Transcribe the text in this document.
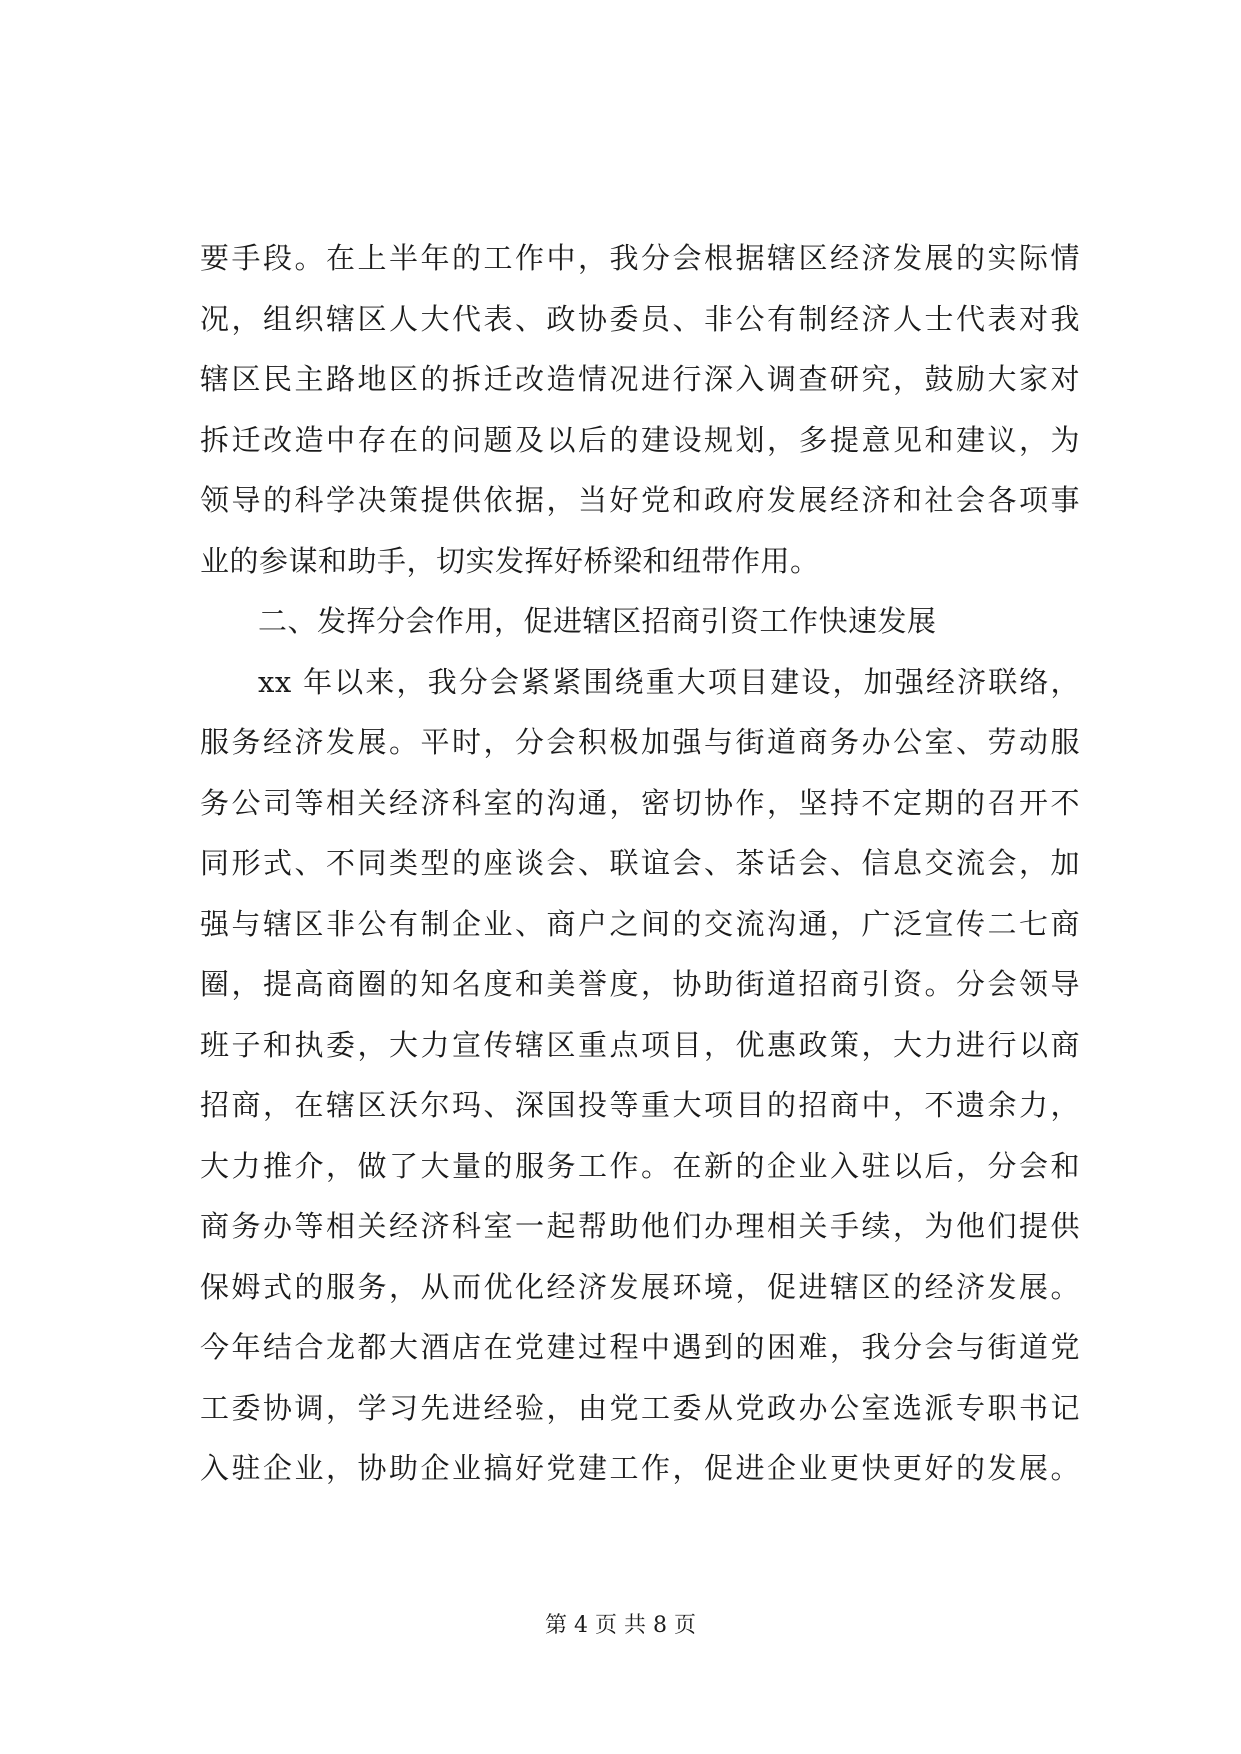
要手段。在上半年的工作中，我分会根据辖区经济发展的实际情
况，组织辖区人大代表、政协委员、非公有制经济人士代表对我
辖区民主路地区的拆迁改造情况进行深入调查研究，鼓励大家对
拆迁改造中存在的问题及以后的建设规划，多提意见和建议，为
领导的科学决策提供依据，当好党和政府发展经济和社会各项事
业的参谋和助手，切实发挥好桥梁和纽带作用。
二、发挥分会作用，促进辖区招商引资工作快速发展
xx 年以来，我分会紧紧围绕重大项目建设，加强经济联络，
服务经济发展。平时，分会积极加强与街道商务办公室、劳动服
务公司等相关经济科室的沟通，密切协作，坚持不定期的召开不
同形式、不同类型的座谈会、联谊会、茶话会、信息交流会，加
强与辖区非公有制企业、商户之间的交流沟通，广泛宣传二七商
圈，提高商圈的知名度和美誉度，协助街道招商引资。分会领导
班子和执委，大力宣传辖区重点项目，优惠政策，大力进行以商
招商，在辖区沃尔玛、深国投等重大项目的招商中，不遗余力，
大力推介，做了大量的服务工作。在新的企业入驻以后，分会和
商务办等相关经济科室一起帮助他们办理相关手续，为他们提供
保姆式的服务，从而优化经济发展环境，促进辖区的经济发展。
今年结合龙都大酒店在党建过程中遇到的困难，我分会与街道党
工委协调，学习先进经验，由党工委从党政办公室选派专职书记
入驻企业，协助企业搞好党建工作，促进企业更快更好的发展。
第 4 页 共 8 页
